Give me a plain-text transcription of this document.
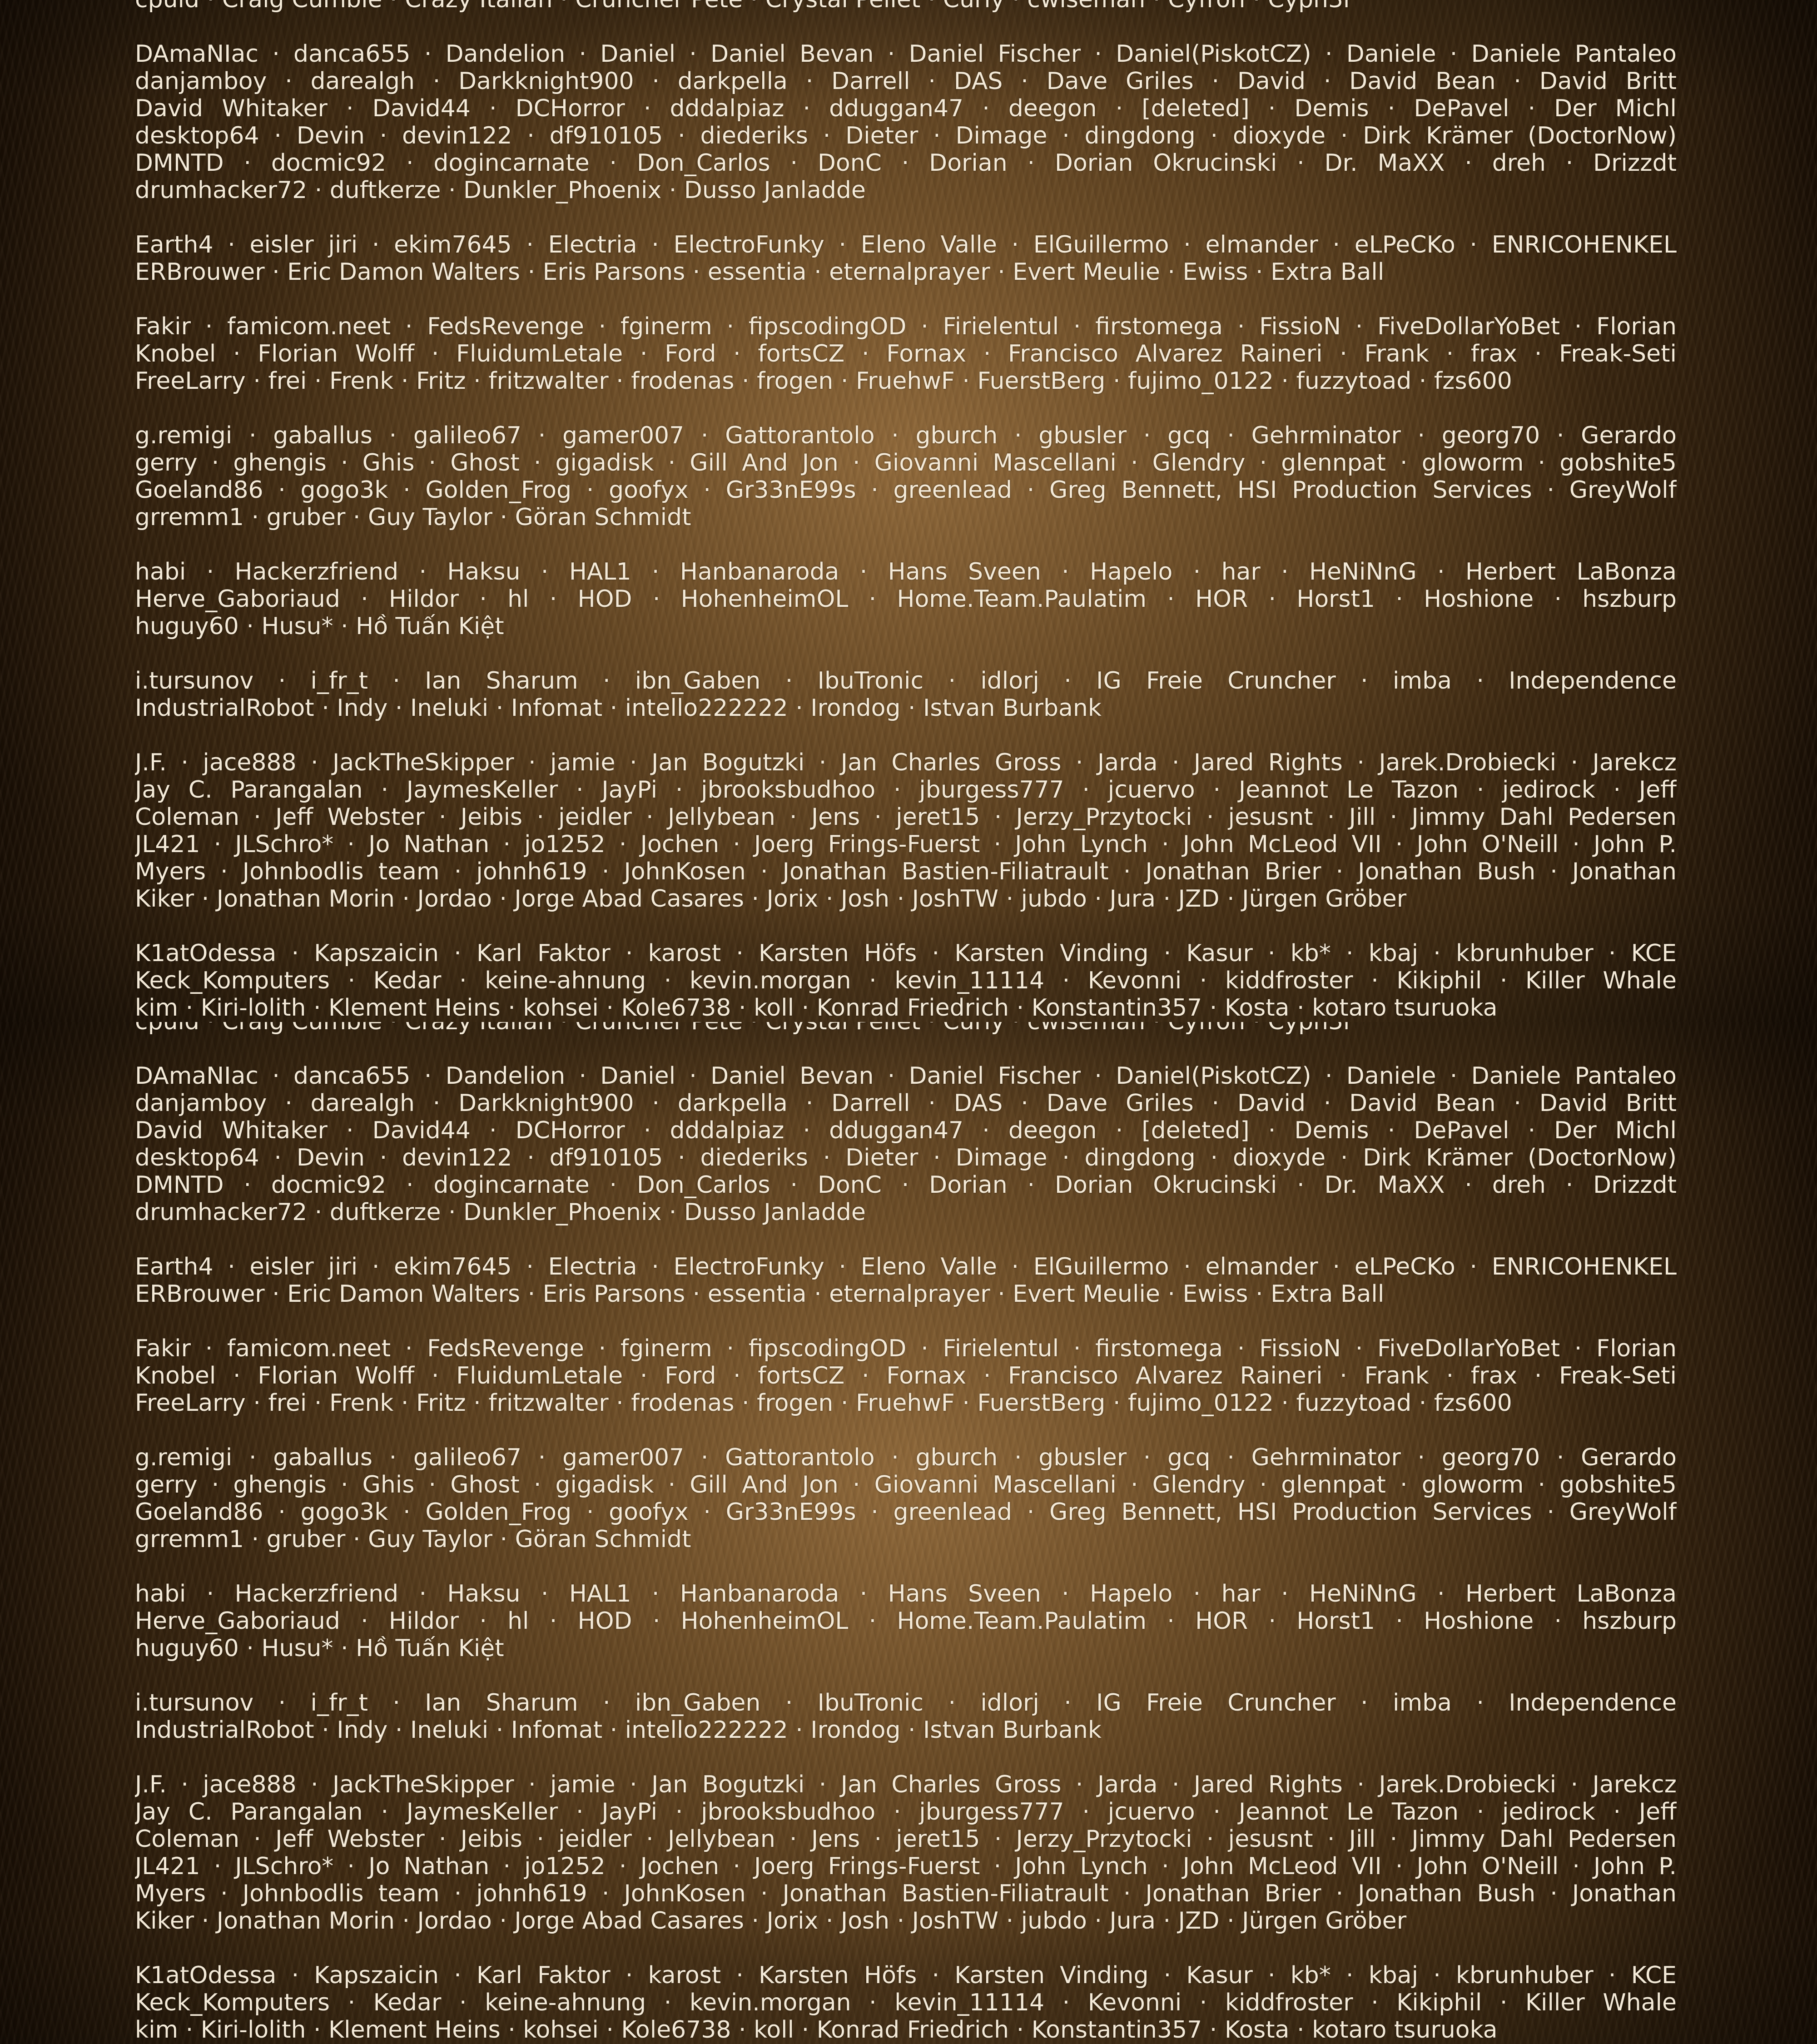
DAmaNIac · danca655 · Dandelion · Daniel · Daniel Bevan · Daniel Fischer · Daniel(PiskotCZ) · Daniele · Daniele Pantaleo
danjamboy · darealgh · Darkknight900 · darkpella · Darrell · DAS · Dave Griles · David · David Bean · David Britt
David Whitaker · David44 · DCHorror · dddalpiaz · dduggan47 · deegon · [deleted] · Demis · DePavel · Der Michl
desktop64 · Devin · devin122 · df910105 · diederiks · Dieter · Dimage · dingdong · dioxyde · Dirk Krämer (DoctorNow)
DMNTD · docmic92 · dogincarnate · Don_Carlos · DonC · Dorian · Dorian Okrucinski · Dr. MaXX · dreh · Drizzdt
drumhacker72 · duftkerze · Dunkler_Phoenix · Dusso Janladde
Earth4 · eisler jiri · ekim7645 · Electria · ElectroFunky · Eleno Valle · ElGuillermo · elmander · eLPeCKo · ENRICOHENKEL
ERBrouwer · Eric Damon Walters · Eris Parsons · essentia · eternalprayer · Evert Meulie · Ewiss · Extra Ball
Fakir · famicom.neet · FedsRevenge · fginerm · fipscodingOD · Firielentul · firstomega · FissioN · FiveDollarYoBet · Florian
Knobel · Florian Wolff · FluidumLetale · Ford · fortsCZ · Fornax · Francisco Alvarez Raineri · Frank · frax · Freak-Seti
FreeLarry · frei · Frenk · Fritz · fritzwalter · frodenas · frogen · FruehwF · FuerstBerg · fujimo_0122 · fuzzytoad · fzs600
g.remigi · gaballus · galileo67 · gamer007 · Gattorantolo · gburch · gbusler · gcq · Gehrminator · georg70 · Gerardo
gerry · ghengis · Ghis · Ghost · gigadisk · Gill And Jon · Giovanni Mascellani · Glendry · glennpat · gloworm · gobshite5
Goeland86 · gogo3k · Golden_Frog · goofyx · Gr33nE99s · greenlead · Greg Bennett, HSI Production Services · GreyWolf
grremm1 · gruber · Guy Taylor · Göran Schmidt
habi · Hackerzfriend · Haksu · HAL1 · Hanbanaroda · Hans Sveen · Hapelo · har · HeNiNnG · Herbert LaBonza
Herve_Gaboriaud · Hildor · hl · HOD · HohenheimOL · Home.Team.Paulatim · HOR · Horst1 · Hoshione · hszburp
huguy60 · Husu* · Hồ Tuấn Kiệt
i.tursunov · i_fr_t · Ian Sharum · ibn_Gaben · IbuTronic · idlorj · IG Freie Cruncher · imba · Independence
IndustrialRobot · Indy · Ineluki · Infomat · intello222222 · Irondog · Istvan Burbank
J.F. · jace888 · JackTheSkipper · jamie · Jan Bogutzki · Jan Charles Gross · Jarda · Jared Rights · Jarek.Drobiecki · Jarekcz
Jay C. Parangalan · JaymesKeller · JayPi · jbrooksbudhoo · jburgess777 · jcuervo · Jeannot Le Tazon · jedirock · Jeff
Coleman · Jeff Webster · Jeibis · jeidler · Jellybean · Jens · jeret15 · Jerzy_Przytocki · jesusnt · Jill · Jimmy Dahl Pedersen
JL421 · JLSchro* · Jo Nathan · jo1252 · Jochen · Joerg Frings-Fuerst · John Lynch · John McLeod VII · John O'Neill · John P.
Myers · Johnbodlis team · johnh619 · JohnKosen · Jonathan Bastien-Filiatrault · Jonathan Brier · Jonathan Bush · Jonathan
Kiker · Jonathan Morin · Jordao · Jorge Abad Casares · Jorix · Josh · JoshTW · jubdo · Jura · JZD · Jürgen Gröber
K1atOdessa · Kapszaicin · Karl Faktor · karost · Karsten Höfs · Karsten Vinding · Kasur · kb* · kbaj · kbrunhuber · KCE
Keck_Komputers · Kedar · keine-ahnung · kevin.morgan · kevin_11114 · Kevonni · kiddfroster · Kikiphil · Killer Whale
kim · Kiri-lolith · Klement Heins · kohsei · Kole6738 · koll · Konrad Friedrich · Konstantin357 · Kosta · kotaro tsuruoka
DAmaNIac · danca655 · Dandelion · Daniel · Daniel Bevan · Daniel Fischer · Daniel(PiskotCZ) · Daniele · Daniele Pantaleo
danjamboy · darealgh · Darkknight900 · darkpella · Darrell · DAS · Dave Griles · David · David Bean · David Britt
David Whitaker · David44 · DCHorror · dddalpiaz · dduggan47 · deegon · [deleted] · Demis · DePavel · Der Michl
desktop64 · Devin · devin122 · df910105 · diederiks · Dieter · Dimage · dingdong · dioxyde · Dirk Krämer (DoctorNow)
DMNTD · docmic92 · dogincarnate · Don_Carlos · DonC · Dorian · Dorian Okrucinski · Dr. MaXX · dreh · Drizzdt
drumhacker72 · duftkerze · Dunkler_Phoenix · Dusso Janladde
Earth4 · eisler jiri · ekim7645 · Electria · ElectroFunky · Eleno Valle · ElGuillermo · elmander · eLPeCKo · ENRICOHENKEL
ERBrouwer · Eric Damon Walters · Eris Parsons · essentia · eternalprayer · Evert Meulie · Ewiss · Extra Ball
Fakir · famicom.neet · FedsRevenge · fginerm · fipscodingOD · Firielentul · firstomega · FissioN · FiveDollarYoBet · Florian
Knobel · Florian Wolff · FluidumLetale · Ford · fortsCZ · Fornax · Francisco Alvarez Raineri · Frank · frax · Freak-Seti
FreeLarry · frei · Frenk · Fritz · fritzwalter · frodenas · frogen · FruehwF · FuerstBerg · fujimo_0122 · fuzzytoad · fzs600
g.remigi · gaballus · galileo67 · gamer007 · Gattorantolo · gburch · gbusler · gcq · Gehrminator · georg70 · Gerardo
gerry · ghengis · Ghis · Ghost · gigadisk · Gill And Jon · Giovanni Mascellani · Glendry · glennpat · gloworm · gobshite5
Goeland86 · gogo3k · Golden_Frog · goofyx · Gr33nE99s · greenlead · Greg Bennett, HSI Production Services · GreyWolf
grremm1 · gruber · Guy Taylor · Göran Schmidt
habi · Hackerzfriend · Haksu · HAL1 · Hanbanaroda · Hans Sveen · Hapelo · har · HeNiNnG · Herbert LaBonza
Herve_Gaboriaud · Hildor · hl · HOD · HohenheimOL · Home.Team.Paulatim · HOR · Horst1 · Hoshione · hszburp
huguy60 · Husu* · Hồ Tuấn Kiệt
i.tursunov · i_fr_t · Ian Sharum · ibn_Gaben · IbuTronic · idlorj · IG Freie Cruncher · imba · Independence
IndustrialRobot · Indy · Ineluki · Infomat · intello222222 · Irondog · Istvan Burbank
J.F. · jace888 · JackTheSkipper · jamie · Jan Bogutzki · Jan Charles Gross · Jarda · Jared Rights · Jarek.Drobiecki · Jarekcz
Jay C. Parangalan · JaymesKeller · JayPi · jbrooksbudhoo · jburgess777 · jcuervo · Jeannot Le Tazon · jedirock · Jeff
Coleman · Jeff Webster · Jeibis · jeidler · Jellybean · Jens · jeret15 · Jerzy_Przytocki · jesusnt · Jill · Jimmy Dahl Pedersen
JL421 · JLSchro* · Jo Nathan · jo1252 · Jochen · Joerg Frings-Fuerst · John Lynch · John McLeod VII · John O'Neill · John P.
Myers · Johnbodlis team · johnh619 · JohnKosen · Jonathan Bastien-Filiatrault · Jonathan Brier · Jonathan Bush · Jonathan
Kiker · Jonathan Morin · Jordao · Jorge Abad Casares · Jorix · Josh · JoshTW · jubdo · Jura · JZD · Jürgen Gröber
K1atOdessa · Kapszaicin · Karl Faktor · karost · Karsten Höfs · Karsten Vinding · Kasur · kb* · kbaj · kbrunhuber · KCE
Keck_Komputers · Kedar · keine-ahnung · kevin.morgan · kevin_11114 · Kevonni · kiddfroster · Kikiphil · Killer Whale
kim · Kiri-lolith · Klement Heins · kohsei · Kole6738 · koll · Konrad Friedrich · Konstantin357 · Kosta · kotaro tsuruoka
